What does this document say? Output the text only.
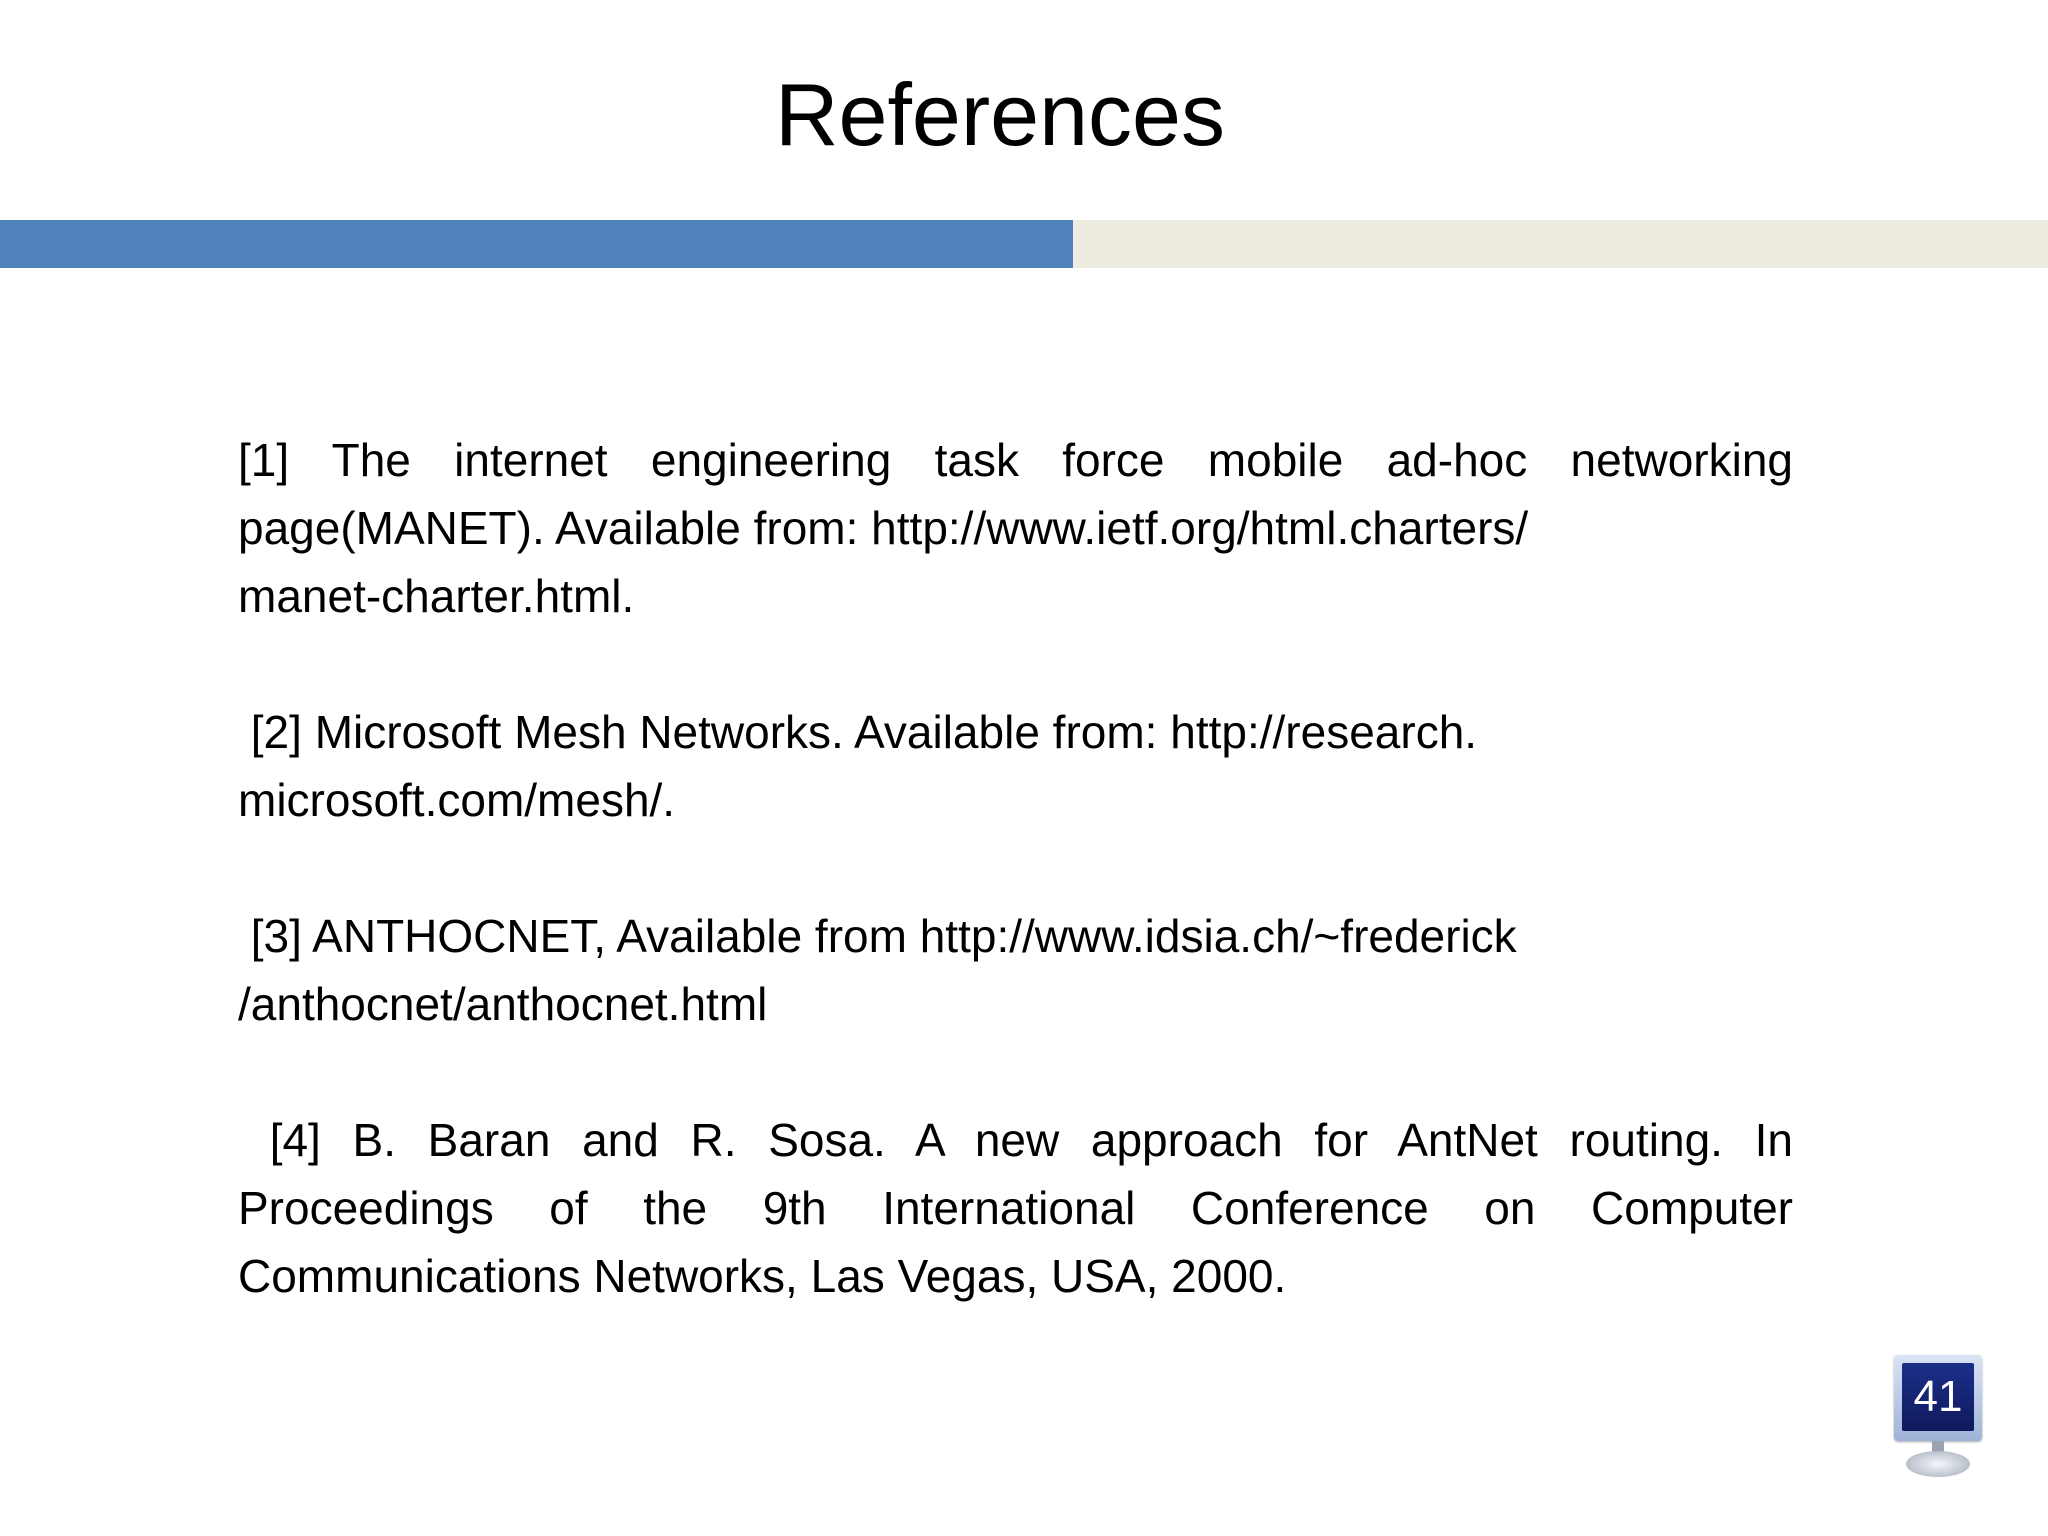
References
[1] The internet engineering task force mobile ad-hoc networking
page(MANET). Available from: http://www.ietf.org/html.charters/
manet-charter.html.
[2] Microsoft Mesh Networks. Available from: http://research.
microsoft.com/mesh/.
[3] ANTHOCNET, Available from http://www.idsia.ch/~frederick
/anthocnet/anthocnet.html
[4] B. Baran and R. Sosa. A new approach for AntNet routing. In
Proceedings of the 9th International Conference on Computer
Communications Networks, Las Vegas, USA, 2000.
41
